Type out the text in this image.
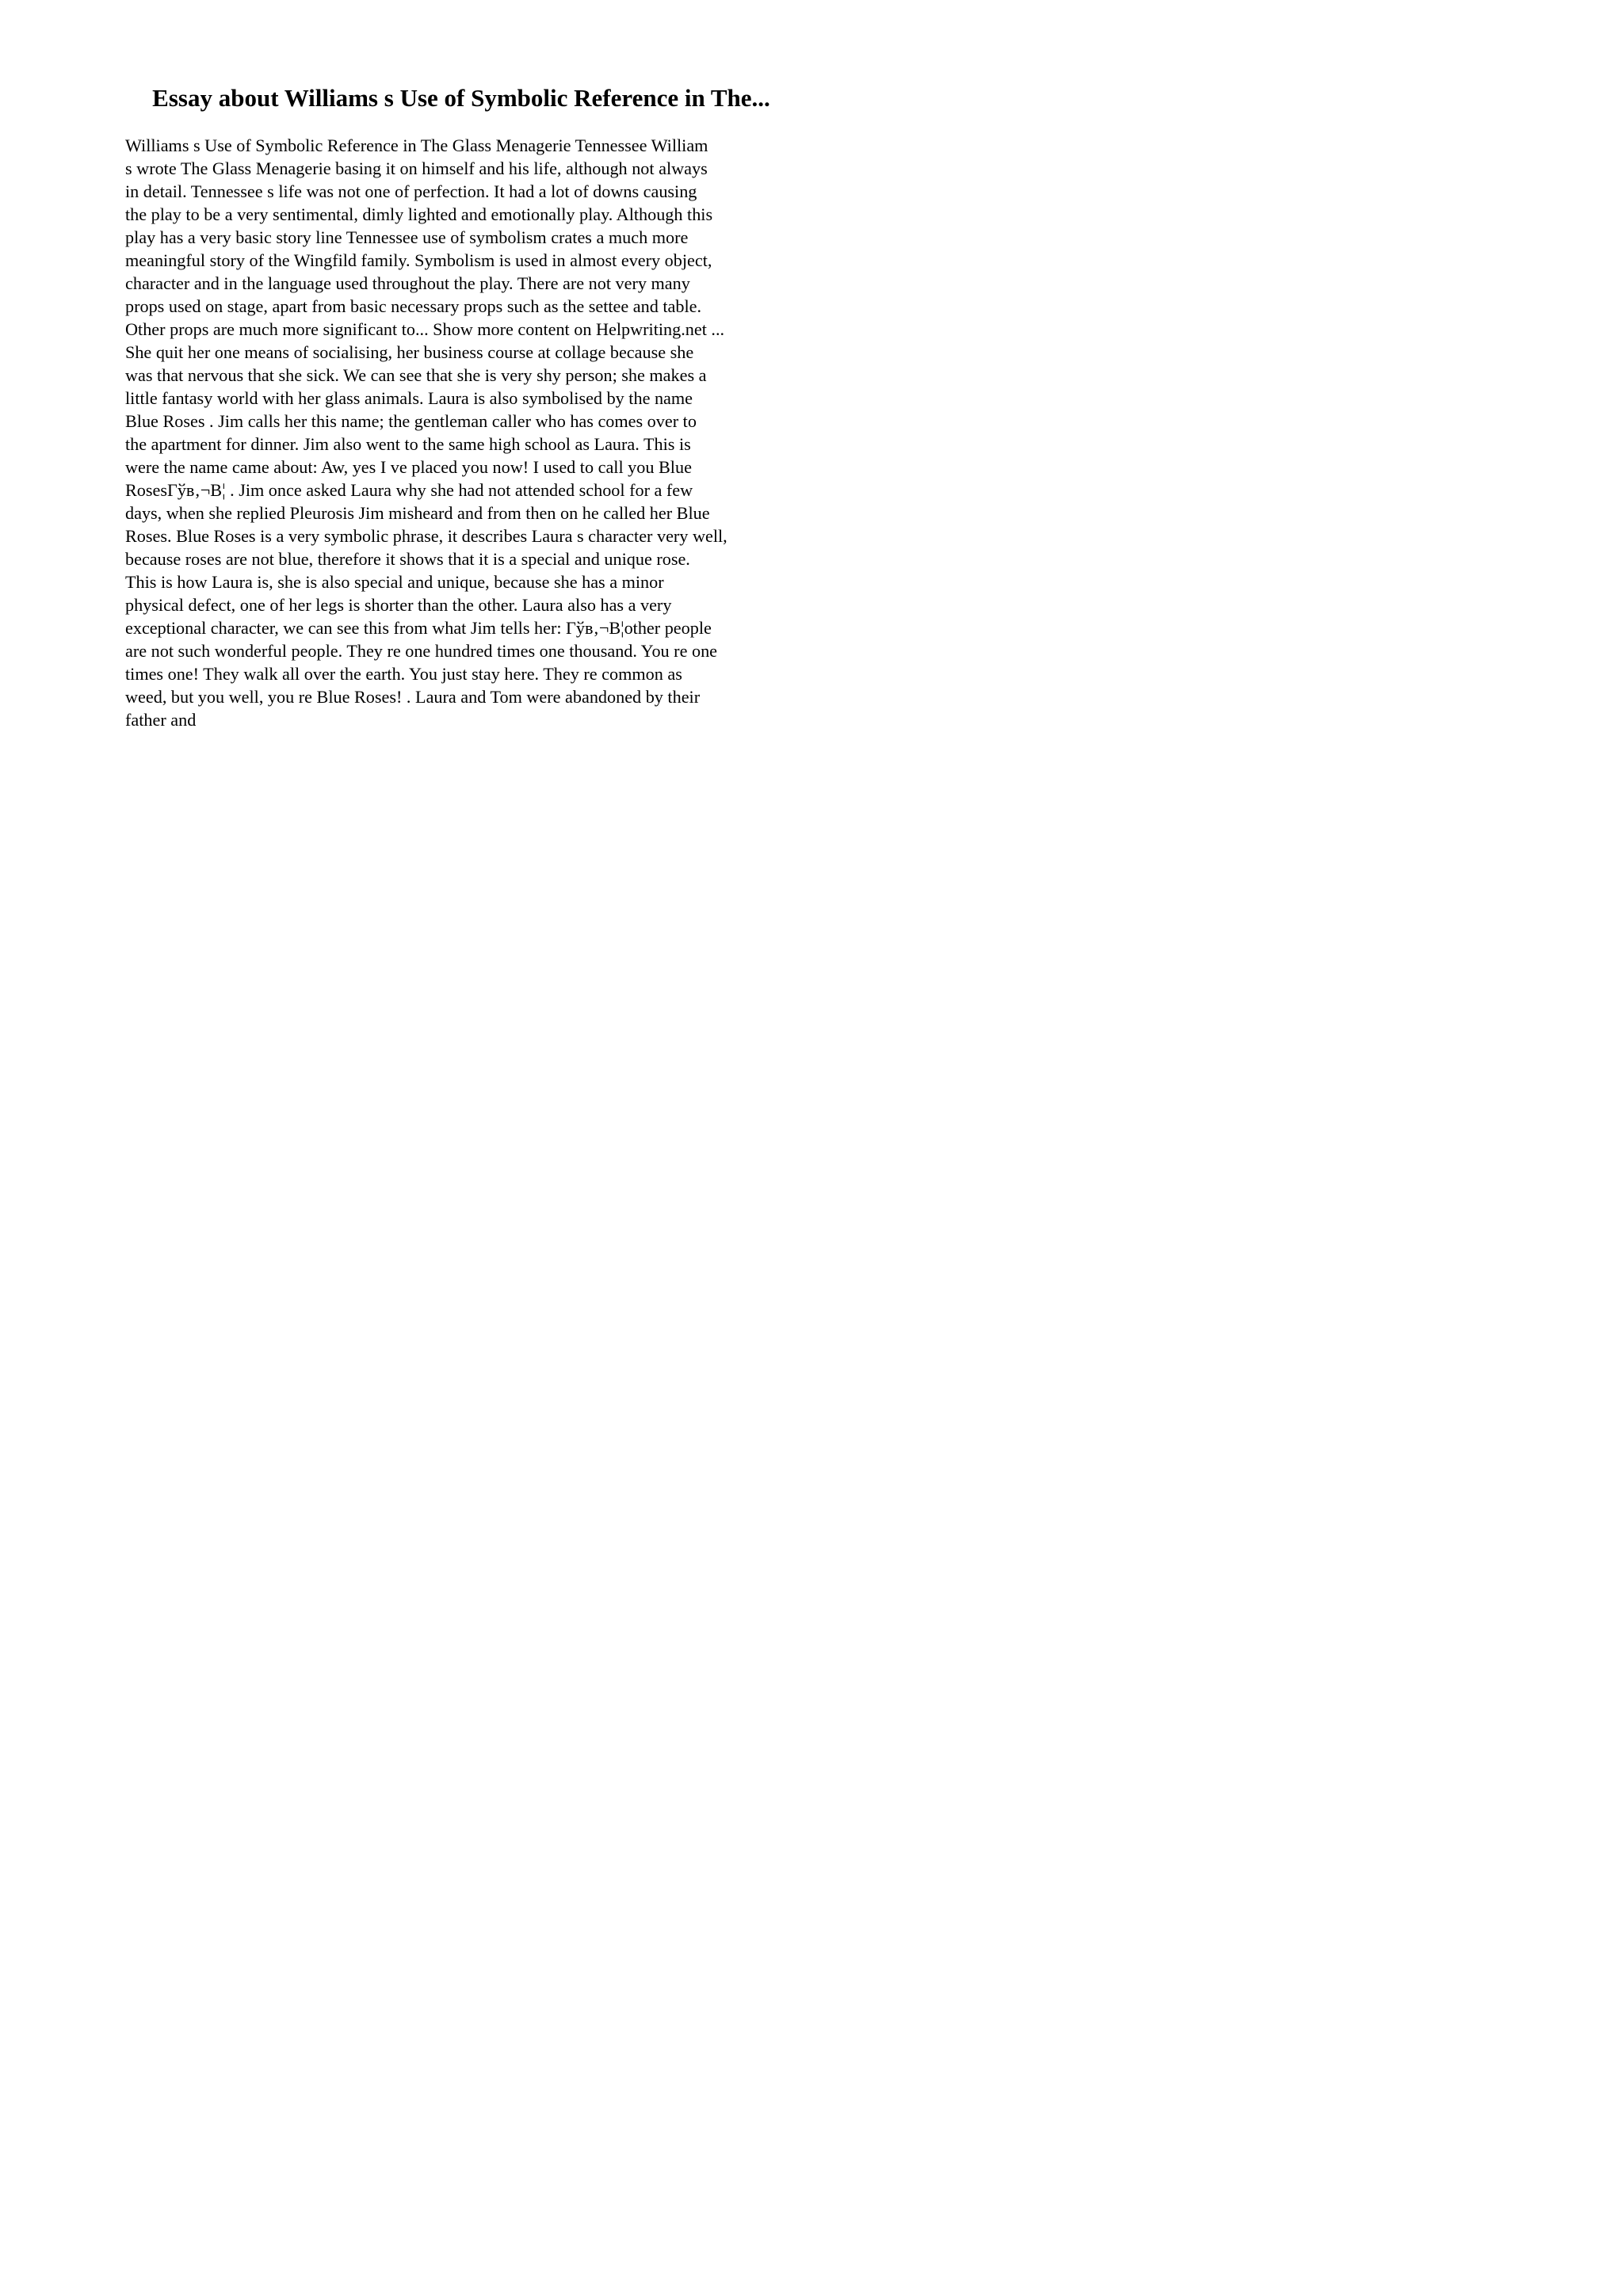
Essay about Williams s Use of Symbolic Reference in The...
Williams s Use of Symbolic Reference in The Glass Menagerie Tennessee William
s wrote The Glass Menagerie basing it on himself and his life, although not always
in detail. Tennessee s life was not one of perfection. It had a lot of downs causing
the play to be a very sentimental, dimly lighted and emotionally play. Although this
play has a very basic story line Tennessee use of symbolism crates a much more
meaningful story of the Wingfild family. Symbolism is used in almost every object,
character and in the language used throughout the play. There are not very many
props used on stage, apart from basic necessary props such as the settee and table.
Other props are much more significant to... Show more content on Helpwriting.net ...
She quit her one means of socialising, her business course at collage because she
was that nervous that she sick. We can see that she is very shy person; she makes a
little fantasy world with her glass animals. Laura is also symbolised by the name
Blue Roses . Jim calls her this name; the gentleman caller who has comes over to
the apartment for dinner. Jim also went to the same high school as Laura. This is
were the name came about: Aw, yes I ve placed you now! I used to call you Blue
RosesГўв‚¬В¦ . Jim once asked Laura why she had not attended school for a few
days, when she replied Pleurosis Jim misheard and from then on he called her Blue
Roses. Blue Roses is a very symbolic phrase, it describes Laura s character very well,
because roses are not blue, therefore it shows that it is a special and unique rose.
This is how Laura is, she is also special and unique, because she has a minor
physical defect, one of her legs is shorter than the other. Laura also has a very
exceptional character, we can see this from what Jim tells her: Гўв‚¬В¦other people
are not such wonderful people. They re one hundred times one thousand. You re one
times one! They walk all over the earth. You just stay here. They re common as
weed, but you well, you re Blue Roses! . Laura and Tom were abandoned by their
father and
